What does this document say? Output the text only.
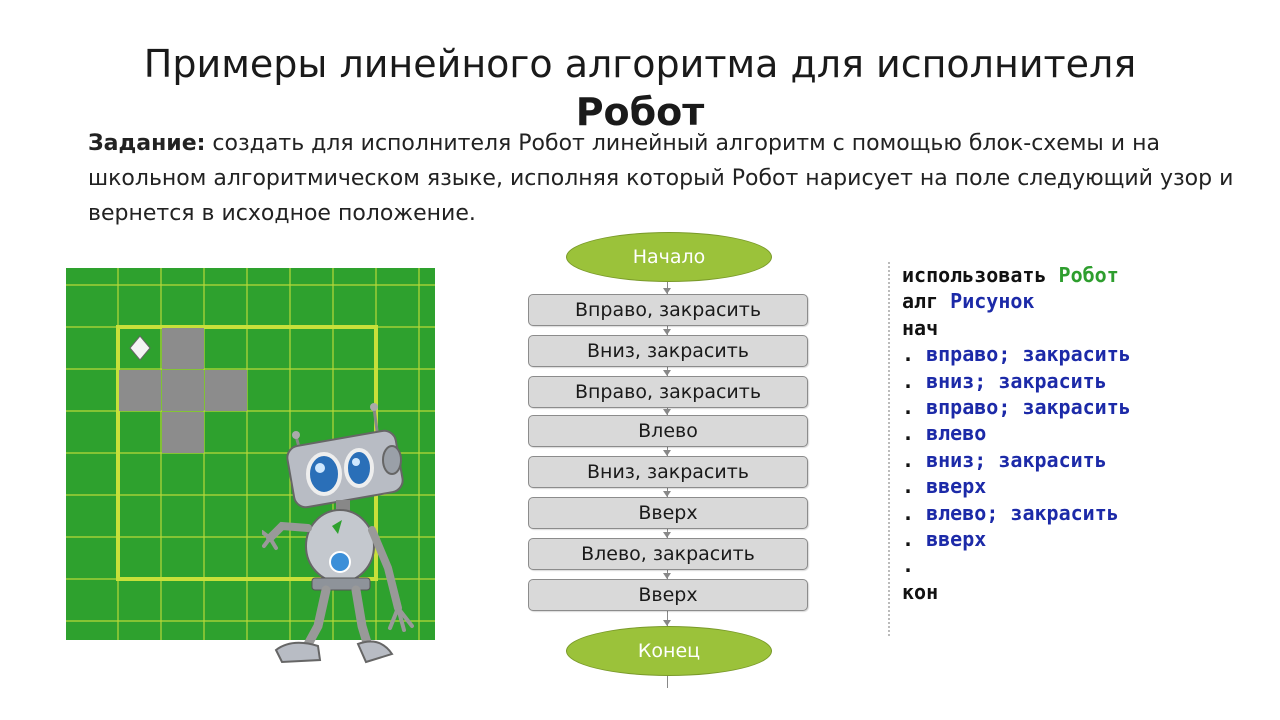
Примеры линейного алгоритма для исполнителя
Робот
Задание: создать для исполнителя Робот линейный алгоритм с помощью блок-схемы и на школьном алгоритмическом языке, исполняя который Робот нарисует на поле следующий узор и вернется в исходное положение.
Начало
Вправо, закрасить
Вниз, закрасить
Вправо, закрасить
Влево
Вниз, закрасить
Вверх
Влево, закрасить
Вверх
Конец
использовать Робот
алг Рисунок
нач
. вправо; закрасить
. вниз; закрасить
. вправо; закрасить
. влево
. вниз; закрасить
. вверх
. влево; закрасить
. вверх
.
кон
